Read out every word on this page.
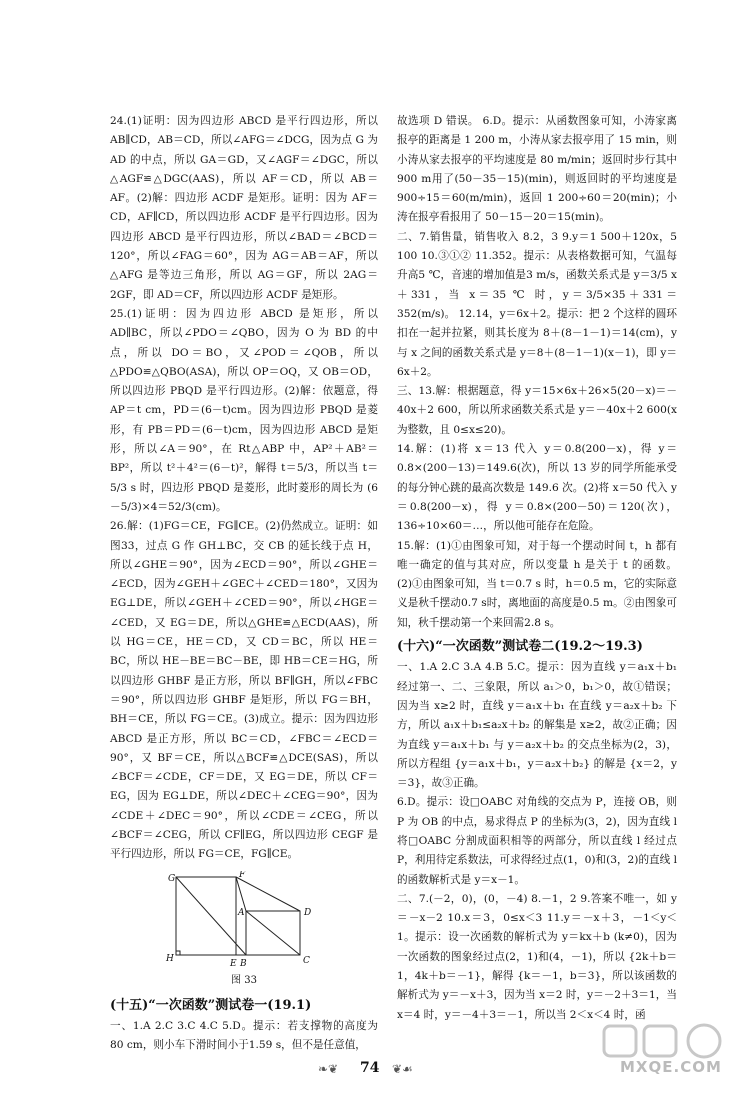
24.(1)证明：因为四边形 ABCD 是平行四边形，所以 AB∥CD，AB＝CD，所以∠AFG＝∠DCG，因为点 G 为 AD 的中点，所以 GA＝GD，又∠AGF＝∠DGC，所以△AGF≌△DGC(AAS)，所以 AF＝CD，所以 AB＝AF。(2)解：四边形 ACDF 是矩形。证明：因为 AF＝CD，AF∥CD，所以四边形 ACDF 是平行四边形。因为四边形 ABCD 是平行四边形，所以∠BAD＝∠BCD＝120°，所以∠FAG＝60°，因为 AG＝AB＝AF，所以△AFG 是等边三角形，所以 AG＝GF，所以 2AG＝2GF，即 AD＝CF，所以四边形 ACDF 是矩形。

25.(1)证明：因为四边形 ABCD 是矩形，所以 AD∥BC，所以∠PDO＝∠QBO，因为 O 为 BD 的中点，所以 DO＝BO，又∠POD＝∠QOB，所以△PDO≌△QBO(ASA)，所以 OP＝OQ，又 OB＝OD，所以四边形 PBQD 是平行四边形。(2)解：依题意，得 AP＝t cm，PD＝(6－t)cm。因为四边形 PBQD 是菱形，有 PB＝PD＝(6－t)cm，因为四边形 ABCD 是矩形，所以∠A＝90°，在 Rt△ABP 中，AP²＋AB²＝BP²，所以 t²＋4²＝(6－t)²，解得 t＝5/3，所以当 t＝5/3 s 时，四边形 PBQD 是菱形，此时菱形的周长为 (6－5/3)×4＝52/3(cm)。

26.解：(1)FG＝CE，FG∥CE。(2)仍然成立。证明：如图33，过点 G 作 GH⊥BC，交 CB 的延长线于点 H，所以∠GHE＝90°，因为∠ECD＝90°，所以∠GHE＝∠ECD，因为∠GEH＋∠GEC＋∠CED＝180°，又因为 EG⊥DE，所以∠GEH＋∠CED＝90°，所以∠HGE＝∠CED，又 EG＝DE，所以△GHE≌△ECD(AAS)，所以 HG＝CE，HE＝CD，又 CD＝BC，所以 HE＝BC，所以 HE－BE＝BC－BE，即 HB＝CE＝HG，所以四边形 GHBF 是正方形，所以 BF∥GH，所以∠FBC＝90°，所以四边形 GHBF 是矩形，所以 FG＝BH，BH＝CE，所以 FG＝CE。(3)成立。提示：因为四边形 ABCD 是正方形，所以 BC＝CD，∠FBC＝∠ECD＝90°，又 BF＝CE，所以△BCF≌△DCE(SAS)，所以∠BCF＝∠CDE，CF＝DE，又 EG＝DE，所以 CF＝EG，因为 EG⊥DE，所以∠DEC＋∠CEG＝90°，因为∠CDE＋∠DEC＝90°，所以∠CDE＝∠CEG，所以∠BCF＝∠CEG，所以 CF∥EG，所以四边形 CEGF 是平行四边形，所以 FG＝CE，FG∥CE。

G	F
A	D
H	B
E	C
图 33
(十五)“一次函数”测试卷一(19.1)

一、1.A 2.C 3.C 4.C 5.D。提示：若支撑物的高度为 80 cm，则小车下滑时间小于1.59 s，但不是任意值，

故选项 D 错误。 6.D。提示：从函数图象可知，小涛家离报亭的距离是 1 200 m，小涛从家去报亭用了 15 min，则小涛从家去报亭的平均速度是 80 m/min；返回时步行其中900 m用了(50－35－15)(min)，则返回时的平均速度是 900÷15＝60(m/min)，返回 1 200÷60＝20(min)；小涛在报亭看报用了 50－15－20＝15(min)。

二、7.销售量，销售收入 8.2，3 9.y＝1 500＋120x，5 100 10.③①② 11.352。提示：从表格数据可知，气温每升高5 ℃，音速的增加值是3 m/s，函数关系式是 y＝3/5 x＋331，当 x＝35 ℃ 时，y＝3/5×35＋331＝352(m/s)。 12.14，y＝6x＋2。提示：把 2 个这样的圆环扣在一起并拉紧，则其长度为 8＋(8－1－1)＝14(cm)，y 与 x 之间的函数关系式是 y＝8＋(8－1－1)(x－1)，即 y＝6x＋2。

三、13.解：根据题意，得 y＝15×6x＋26×5(20－x)＝－40x＋2 600，所以所求函数关系式是 y＝－40x＋2 600(x 为整数，且 0≤x≤20)。

14.解：(1)将 x＝13 代入 y＝0.8(200－x)，得 y＝0.8×(200－13)＝149.6(次)，所以 13 岁的同学所能承受的每分钟心跳的最高次数是 149.6 次。(2)将 x＝50 代入 y＝0.8(200－x)，得 y＝0.8×(200－50)＝120(次)，136÷10×60＝…，所以他可能存在危险。

15.解：(1)①由图象可知，对于每一个摆动时间 t，h 都有唯一确定的值与其对应，所以变量 h 是关于 t 的函数。(2)①由图象可知，当 t＝0.7 s 时，h＝0.5 m，它的实际意义是秋千摆动0.7 s时，离地面的高度是0.5 m。②由图象可知，秋千摆动第一个来回需2.8 s。

(十六)“一次函数”测试卷二(19.2～19.3)

一、1.A 2.C 3.A 4.B 5.C。提示：因为直线 y＝a₁x＋b₁ 经过第一、二、三象限，所以 a₁＞0，b₁＞0，故①错误；因为当 x≥2 时，直线 y＝a₁x＋b₁ 在直线 y＝a₂x＋b₂ 下方，所以 a₁x＋b₁≤a₂x＋b₂ 的解集是 x≥2，故②正确；因为直线 y＝a₁x＋b₁ 与 y＝a₂x＋b₂ 的交点坐标为(2，3)，所以方程组 {y＝a₁x＋b₁，y＝a₂x＋b₂} 的解是 {x＝2，y＝3}，故③正确。

6.D。提示：设□OABC 对角线的交点为 P，连接 OB，则 P 为 OB 的中点，易求得点 P 的坐标为(3，2)，因为直线 l 将□OABC 分割成面积相等的两部分，所以直线 l 经过点 P，利用待定系数法，可求得经过点(1，0)和(3，2)的直线 l 的函数解析式是 y＝x－1。

二、7.(－2，0)，(0，－4) 8.－1，2 9.答案不唯一，如 y＝－x－2 10.x＝3，0≤x＜3 11.y＝－x＋3，－1＜y＜1。提示：设一次函数的解析式为 y＝kx＋b (k≠0)，因为一次函数的图象经过点(2，1)和(4，－1)，所以 {2k＋b＝1，4k＋b＝－1}，解得 {k＝－1，b＝3}，所以该函数的解析式为 y＝－x＋3，因为当 x＝2 时，y＝－2＋3＝1，当 x＝4 时，y＝－4＋3＝－1，所以当 2＜x＜4 时，函

❧❦ 74 ❦☙	MXQE.COM
